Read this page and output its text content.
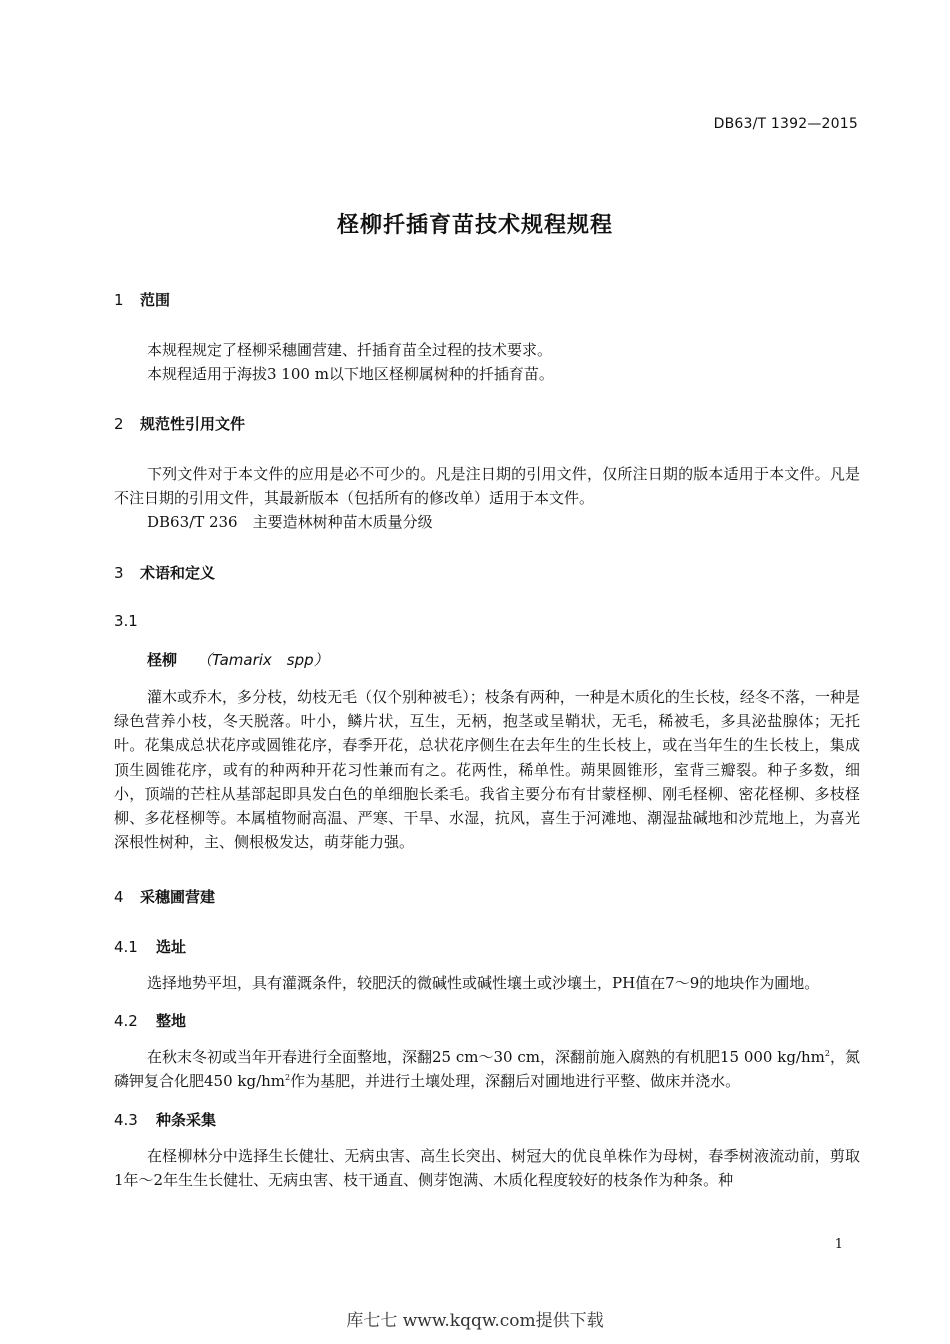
DB63/T 1392—2015
柽柳扦插育苗技术规程规程
1 范围
本规程规定了柽柳采穗圃营建、扦插育苗全过程的技术要求。
本规程适用于海拔3 100 m以下地区柽柳属树种的扦插育苗。
2 规范性引用文件
下列文件对于本文件的应用是必不可少的。凡是注日期的引用文件，仅所注日期的版本适用于本文件。凡是不注日期的引用文件，其最新版本（包括所有的修改单）适用于本文件。
DB63/T 236　主要造林树种苗木质量分级
3 术语和定义
3.1
柽柳 （Tamarix　spp）
灌木或乔木，多分枝，幼枝无毛（仅个别种被毛）；枝条有两种，一种是木质化的生长枝，经冬不落，一种是绿色营养小枝，冬天脱落。叶小，鳞片状，互生，无柄，抱茎或呈鞘状，无毛，稀被毛，多具泌盐腺体；无托叶。花集成总状花序或圆锥花序，春季开花，总状花序侧生在去年生的生长枝上，或在当年生的生长枝上，集成顶生圆锥花序，或有的种两种开花习性兼而有之。花两性，稀单性。蒴果圆锥形，室背三瓣裂。种子多数，细小，顶端的芒柱从基部起即具发白色的单细胞长柔毛。我省主要分布有甘蒙柽柳、刚毛柽柳、密花柽柳、多枝柽柳、多花柽柳等。本属植物耐高温、严寒、干旱、水湿，抗风，喜生于河滩地、潮湿盐碱地和沙荒地上，为喜光深根性树种，主、侧根极发达，萌芽能力强。
4 采穗圃营建
4.1 选址
选择地势平坦，具有灌溉条件，较肥沃的微碱性或碱性壤土或沙壤土，PH值在7～9的地块作为圃地。
4.2 整地
在秋末冬初或当年开春进行全面整地，深翻25 cm～30 cm，深翻前施入腐熟的有机肥15 000 $kg/hm^2$，氮磷钾复合化肥450 $kg/hm^2$作为基肥，并进行土壤处理，深翻后对圃地进行平整、做床并浇水。
4.3 种条采集
在柽柳林分中选择生长健壮、无病虫害、高生长突出、树冠大的优良单株作为母树，春季树液流动前，剪取1年～2年生生长健壮、无病虫害、枝干通直、侧芽饱满、木质化程度较好的枝条作为种条。种
1
库七七 www.kqqw.com提供下载
